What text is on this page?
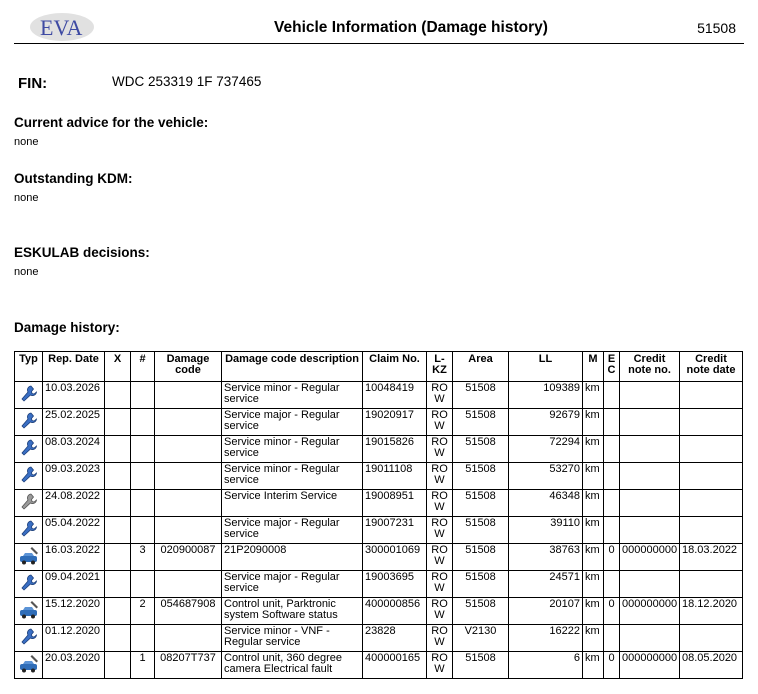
EVA	Vehicle Information (Damage history)	51508
FIN:	WDC 253319 1F 737465
Current advice for the vehicle:
none
Outstanding KDM:
none
ESKULAB decisions:
none
Damage history:
Typ	Rep. Date	X	#	Damage code	Damage code description	Claim No.	L-KZ	Area	LL	M	E C	Credit note no.	Credit note date
	10.03.2026				Service minor - Regular service	10048419	RO W	51508	109389	km			
	25.02.2025				Service major - Regular service	19020917	RO W	51508	92679	km			
	08.03.2024				Service minor - Regular service	19015826	RO W	51508	72294	km			
	09.03.2023				Service minor - Regular service	19011108	RO W	51508	53270	km			
	24.08.2022				Service Interim Service	19008951	RO W	51508	46348	km			
	05.04.2022				Service major - Regular service	19007231	RO W	51508	39110	km			
	16.03.2022		3	020900087	21P2090008	300001069	RO W	51508	38763	km	0	000000000	18.03.2022
	09.04.2021				Service major - Regular service	19003695	RO W	51508	24571	km			
	15.12.2020		2	054687908	Control unit, Parktronic system Software status	400000856	RO W	51508	20107	km	0	000000000	18.12.2020
	01.12.2020				Service minor - VNF - Regular service	23828	RO W	V2130	16222	km			
	20.03.2020		1	08207T737	Control unit, 360 degree camera Electrical fault	400000165	RO W	51508	6	km	0	000000000	08.05.2020
